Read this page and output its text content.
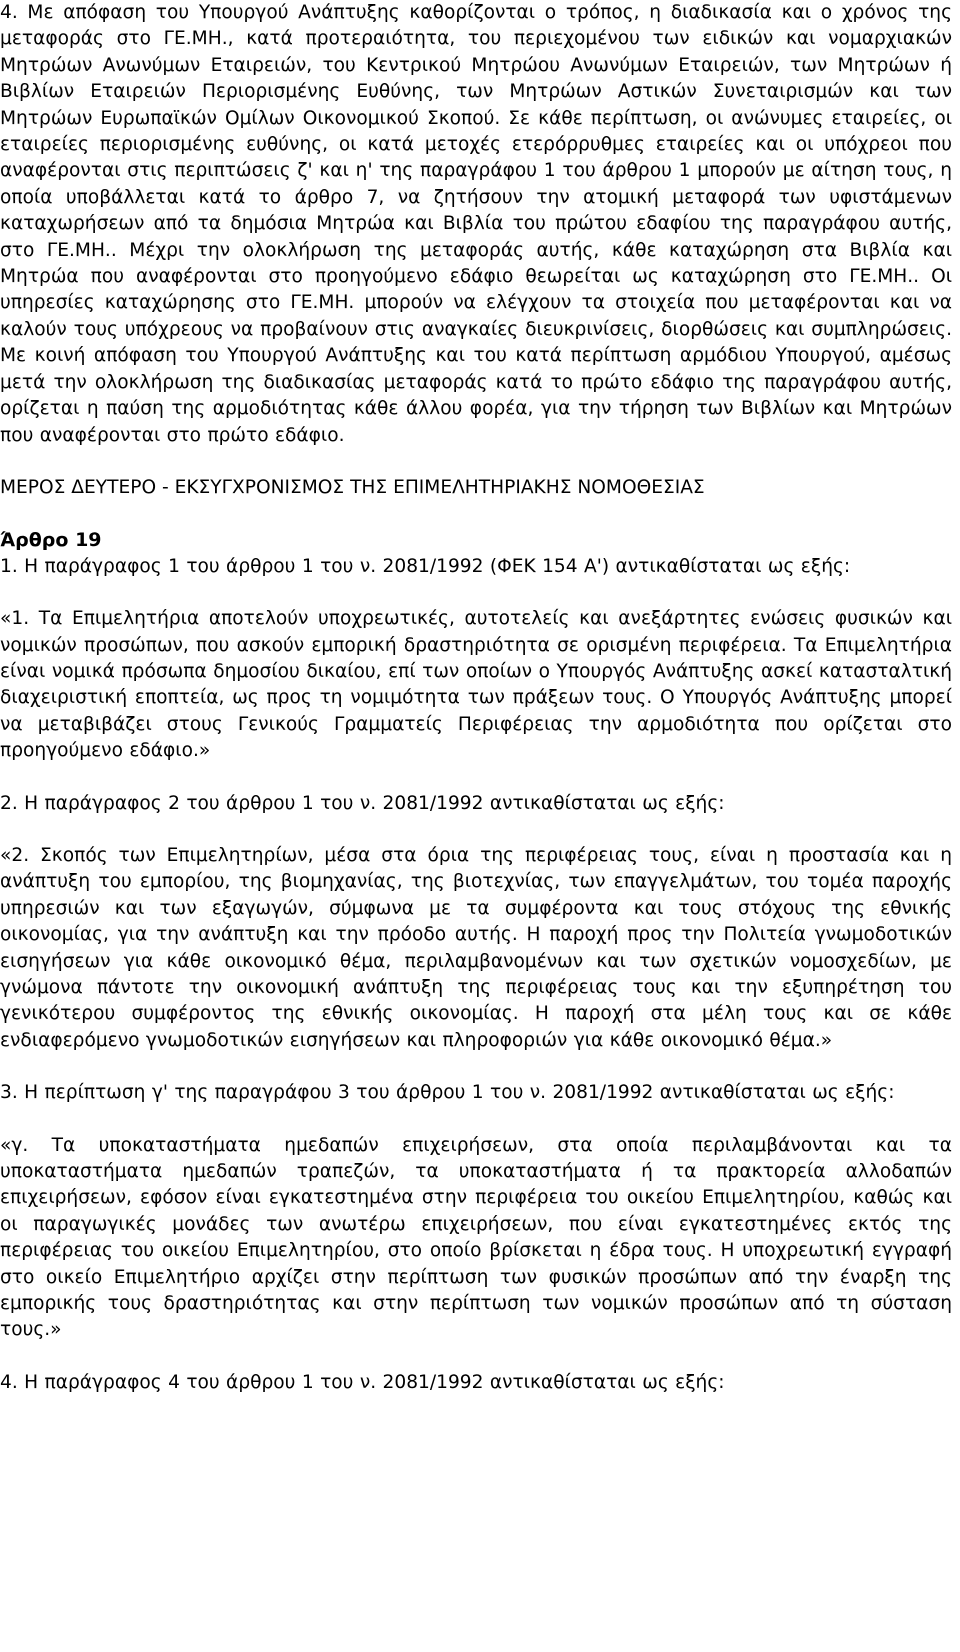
4. Με απόφαση του Υπουργού Ανάπτυξης καθορίζονται ο τρόπος, η διαδικασία και ο χρόνος της μεταφοράς στο ΓΕ.ΜΗ., κατά προτεραιότητα, του περιεχομένου των ειδικών και νομαρχιακών Μητρώων Ανωνύμων Εταιρειών, του Κεντρικού Μητρώου Ανωνύμων Εταιρειών, των Μητρώων ή Βιβλίων Εταιρειών Περιορισμένης Ευθύνης, των Μητρώων Αστικών Συνεταιρισμών και των Μητρώων Ευρωπαϊκών Ομίλων Οικονομικού Σκοπού. Σε κάθε περίπτωση, οι ανώνυμες εταιρείες, οι εταιρείες περιορισμένης ευθύνης, οι κατά μετοχές ετερόρρυθμες εταιρείες και οι υπόχρεοι που αναφέρονται στις περιπτώσεις ζ' και η' της παραγράφου 1 του άρθρου 1 μπορούν με αίτηση τους, η οποία υποβάλλεται κατά το άρθρο 7, να ζητήσουν την ατομική μεταφορά των υφιστάμενων καταχωρήσεων από τα δημόσια Μητρώα και Βιβλία του πρώτου εδαφίου της παραγράφου αυτής, στο ΓΕ.ΜΗ.. Μέχρι την ολοκλήρωση της μεταφοράς αυτής, κάθε καταχώρηση στα Βιβλία και Μητρώα που αναφέρονται στο προηγούμενο εδάφιο θεωρείται ως καταχώρηση στο ΓΕ.ΜΗ.. Οι υπηρεσίες καταχώρησης στο ΓΕ.ΜΗ. μπορούν να ελέγχουν τα στοιχεία που μεταφέρονται και να καλούν τους υπόχρεους να προβαίνουν στις αναγκαίες διευκρινίσεις, διορθώσεις και συμπληρώσεις. Με κοινή απόφαση του Υπουργού Ανάπτυξης και του κατά περίπτωση αρμόδιου Υπουργού, αμέσως μετά την ολοκλήρωση της διαδικασίας μεταφοράς κατά το πρώτο εδάφιο της παραγράφου αυτής, ορίζεται η παύση της αρμοδιότητας κάθε άλλου φορέα, για την τήρηση των Βιβλίων και Μητρώων που αναφέρονται στο πρώτο εδάφιο.

ΜΕΡΟΣ ΔΕΥΤΕΡΟ - ΕΚΣΥΓΧΡΟΝΙΣΜΟΣ ΤΗΣ ΕΠΙΜΕΛΗΤΗΡΙΑΚΗΣ ΝΟΜΟΘΕΣΙΑΣ

Άρθρο 19

1. Η παράγραφος 1 του άρθρου 1 του ν. 2081/1992 (ΦΕΚ 154 Α') αντικαθίσταται ως εξής:

«1. Τα Επιμελητήρια αποτελούν υποχρεωτικές, αυτοτελείς και ανεξάρτητες ενώσεις φυσικών και νομικών προσώπων, που ασκούν εμπορική δραστηριότητα σε ορισμένη περιφέρεια. Τα Επιμελητήρια είναι νομικά πρόσωπα δημοσίου δικαίου, επί των οποίων ο Υπουργός Ανάπτυξης ασκεί κατασταλτική διαχειριστική εποπτεία, ως προς τη νομιμότητα των πράξεων τους. Ο Υπουργός Ανάπτυξης μπορεί να μεταβιβάζει στους Γενικούς Γραμματείς Περιφέρειας την αρμοδιότητα που ορίζεται στο προηγούμενο εδάφιο.»

2. Η παράγραφος 2 του άρθρου 1 του ν. 2081/1992 αντικαθίσταται ως εξής:

«2. Σκοπός των Επιμελητηρίων, μέσα στα όρια της περιφέρειας τους, είναι η προστασία και η ανάπτυξη του εμπορίου, της βιομηχανίας, της βιοτεχνίας, των επαγγελμάτων, του τομέα παροχής υπηρεσιών και των εξαγωγών, σύμφωνα με τα συμφέροντα και τους στόχους της εθνικής οικονομίας, για την ανάπτυξη και την πρόοδο αυτής. Η παροχή προς την Πολιτεία γνωμοδοτικών εισηγήσεων για κάθε οικονομικό θέμα, περιλαμβανομένων και των σχετικών νομοσχεδίων, με γνώμονα πάντοτε την οικονομική ανάπτυξη της περιφέρειας τους και την εξυπηρέτηση του γενικότερου συμφέροντος της εθνικής οικονομίας. Η παροχή στα μέλη τους και σε κάθε ενδιαφερόμενο γνωμοδοτικών εισηγήσεων και πληροφοριών για κάθε οικονομικό θέμα.»

3. Η περίπτωση γ' της παραγράφου 3 του άρθρου 1 του ν. 2081/1992 αντικαθίσταται ως εξής:

«γ. Τα υποκαταστήματα ημεδαπών επιχειρήσεων, στα οποία περιλαμβάνονται και τα υποκαταστήματα ημεδαπών τραπεζών, τα υποκαταστήματα ή τα πρακτορεία αλλοδαπών επιχειρήσεων, εφόσον είναι εγκατεστημένα στην περιφέρεια του οικείου Επιμελητηρίου, καθώς και οι παραγωγικές μονάδες των ανωτέρω επιχειρήσεων, που είναι εγκατεστημένες εκτός της περιφέρειας του οικείου Επιμελητηρίου, στο οποίο βρίσκεται η έδρα τους. Η υποχρεωτική εγγραφή στο οικείο Επιμελητήριο αρχίζει στην περίπτωση των φυσικών προσώπων από την έναρξη της εμπορικής τους δραστηριότητας και στην περίπτωση των νομικών προσώπων από τη σύσταση τους.»

4. Η παράγραφος 4 του άρθρου 1 του ν. 2081/1992 αντικαθίσταται ως εξής:
